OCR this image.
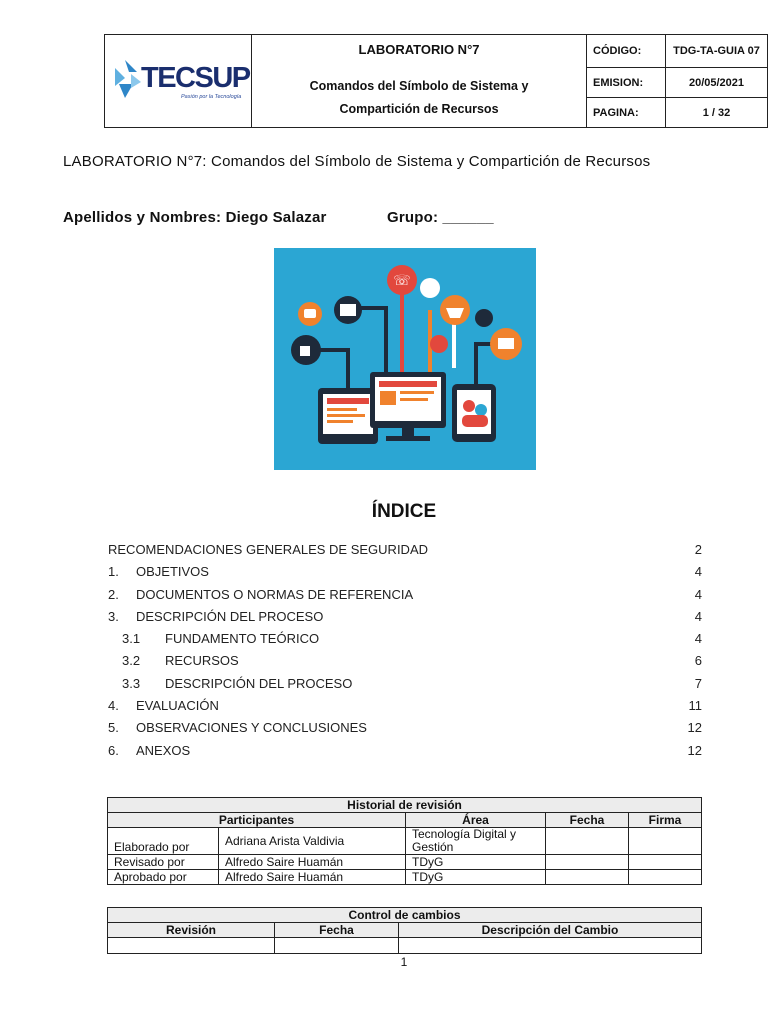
TECSUP
Pasión por la Tecnología	LABORATORIO N°7
Comandos del Símbolo de Sistema y
Compartición de Recursos	CÓDIGO:	TDG-TA-GUIA 07
		EMISION:	20/05/2021
		PAGINA:	1 / 32
LABORATORIO N°7: Comandos del Símbolo de Sistema y Compartición de Recursos
Apellidos y Nombres: Diego Salazar	Grupo: ______
☏
ÍNDICE
RECOMENDACIONES GENERALES DE SEGURIDAD	2
1. OBJETIVOS	4
2. DOCUMENTOS O NORMAS DE REFERENCIA	4
3. DESCRIPCIÓN DEL PROCESO	4
3.1 FUNDAMENTO TEÓRICO	4
3.2 RECURSOS	6
3.3 DESCRIPCIÓN DEL PROCESO	7
4. EVALUACIÓN	11
5. OBSERVACIONES Y CONCLUSIONES	12
6. ANEXOS	12
Historial de revisión				
Participantes		Área	Fecha	Firma
Elaborado por	Adriana Arista Valdivia	Tecnología Digital y Gestión		
Revisado por	Alfredo Saire Huamán	TDyG		
Aprobado por	Alfredo Saire Huamán	TDyG		
Control de cambios		
Revisión	Fecha	Descripción del Cambio

1
